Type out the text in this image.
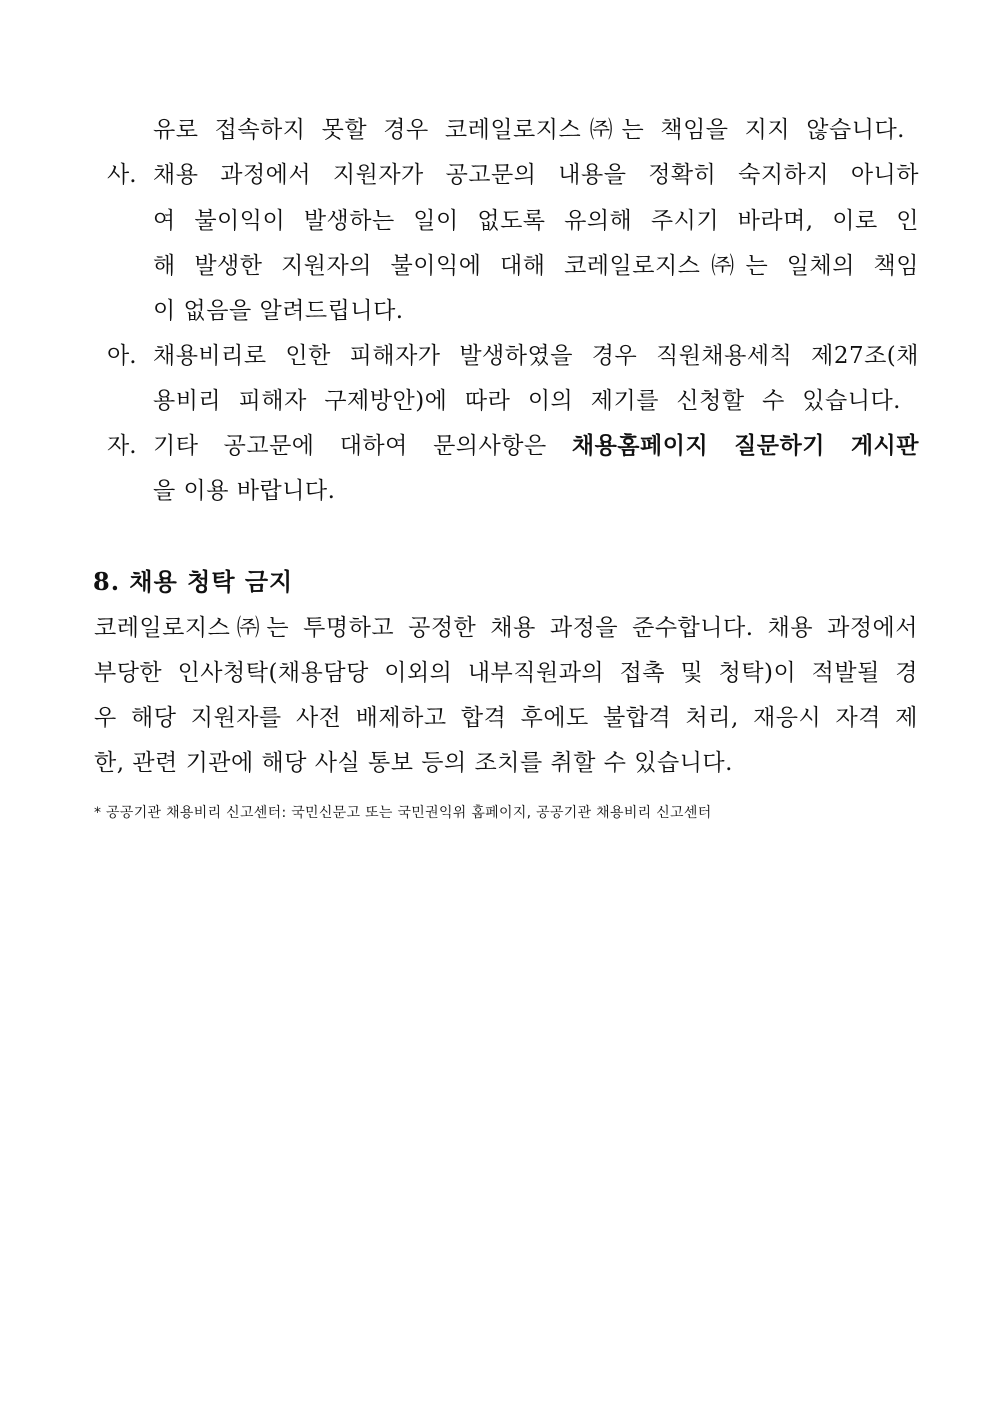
유로 접속하지 못할 경우 코레일로지스㈜는 책임을 지지 않습니다.
사. 채용 과정에서 지원자가 공고문의 내용을 정확히 숙지하지 아니하
여 불이익이 발생하는 일이 없도록 유의해 주시기 바라며, 이로 인
해 발생한 지원자의 불이익에 대해 코레일로지스㈜는 일체의 책임
이 없음을 알려드립니다.
아. 채용비리로 인한 피해자가 발생하였을 경우 직원채용세칙 제27조(채
용비리 피해자 구제방안)에 따라 이의 제기를 신청할 수 있습니다.
자. 기타 공고문에 대하여 문의사항은 채용홈페이지 질문하기 게시판
을 이용 바랍니다.
8. 채용 청탁 금지
코레일로지스㈜는 투명하고 공정한 채용 과정을 준수합니다. 채용 과정에서
부당한 인사청탁(채용담당 이외의 내부직원과의 접촉 및 청탁)이 적발될 경
우 해당 지원자를 사전 배제하고 합격 후에도 불합격 처리, 재응시 자격 제
한, 관련 기관에 해당 사실 통보 등의 조치를 취할 수 있습니다.
* 공공기관 채용비리 신고센터: 국민신문고 또는 국민권익위 홈페이지, 공공기관 채용비리 신고센터
